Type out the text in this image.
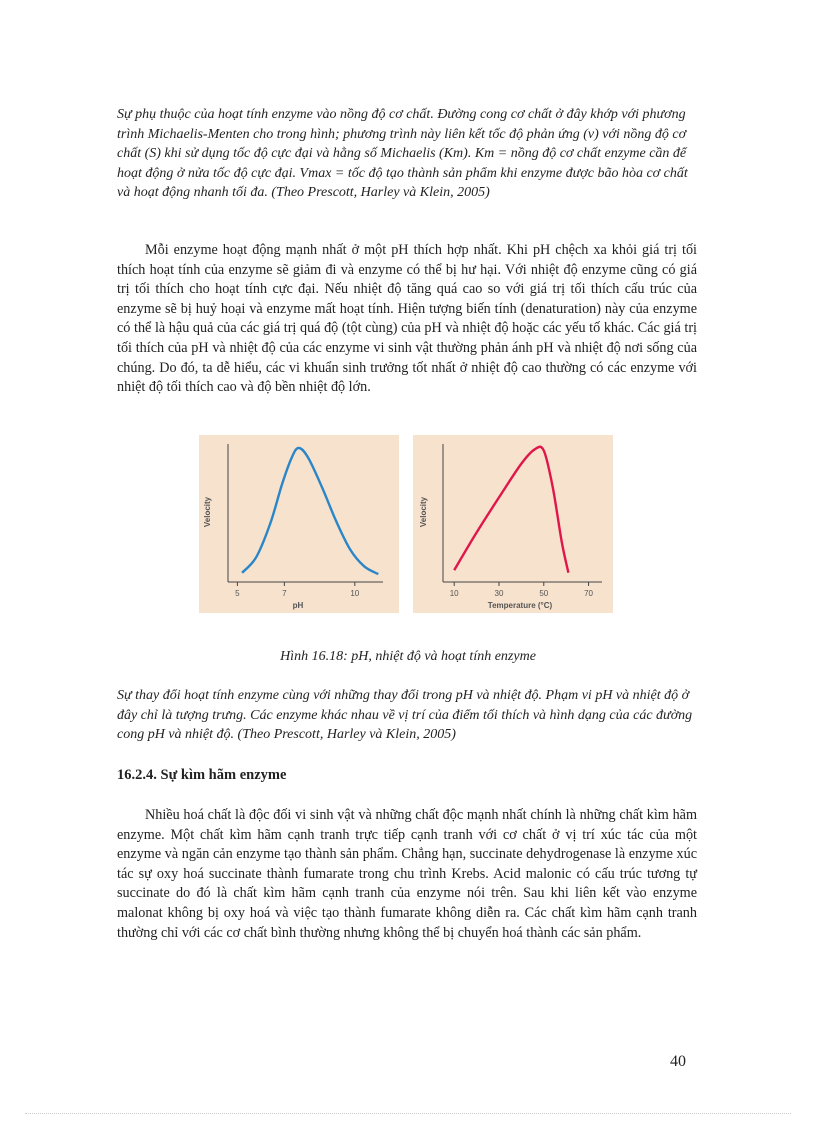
Sự phụ thuộc của hoạt tính enzyme vào nồng độ cơ chất. Đường cong cơ chất ở đây khớp với phương trình Michaelis-Menten cho trong hình; phương trình này liên kết tốc độ phản ứng (v) với nồng độ cơ chất (S) khi sử dụng tốc độ cực đại và hằng số Michaelis (Km). Km = nồng độ cơ chất enzyme cần để hoạt động ở nửa tốc độ cực đại. Vmax = tốc độ tạo thành sản phẩm khi enzyme được bão hòa cơ chất và hoạt động nhanh tối đa. (Theo Prescott, Harley và Klein, 2005)
Mỗi enzyme hoạt động mạnh nhất ở một pH thích hợp nhất. Khi pH chệch xa khỏi giá trị tối thích hoạt tính của enzyme sẽ giảm đi và enzyme có thể bị hư hại. Với nhiệt độ enzyme cũng có giá trị tối thích cho hoạt tính cực đại. Nếu nhiệt độ tăng quá cao so với giá trị tối thích cấu trúc của enzyme sẽ bị huỷ hoại và enzyme mất hoạt tính. Hiện tượng biến tính (denaturation) này của enzyme có thể là hậu quả của các giá trị quá độ (tột cùng) của pH và nhiệt độ hoặc các yếu tố khác. Các giá trị tối thích của pH và nhiệt độ của các enzyme vi sinh vật thường phản ánh pH và nhiệt độ nơi sống của chúng. Do đó, ta dễ hiểu, các vi khuẩn sinh trưởng tốt nhất ở nhiệt độ cao thường có các enzyme với nhiệt độ tối thích cao và độ bền nhiệt độ lớn.
Velocity
pH
5	7	10
Velocity
Temperature (°C)
10	30	50	70
Hình 16.18: pH, nhiệt độ và hoạt tính enzyme
Sự thay đổi hoạt tính enzyme cùng với những thay đổi trong pH và nhiệt độ. Phạm vi pH và nhiệt độ ở đây chỉ là tượng trưng. Các enzyme khác nhau về vị trí của điểm tối thích và hình dạng của các đường cong pH và nhiệt độ. (Theo Prescott, Harley và Klein, 2005)
16.2.4. Sự kìm hãm enzyme
Nhiều hoá chất là độc đối vi sinh vật và những chất độc mạnh nhất chính là những chất kìm hãm enzyme. Một chất kìm hãm cạnh tranh trực tiếp cạnh tranh với cơ chất ở vị trí xúc tác của một enzyme và ngăn cản enzyme tạo thành sản phẩm. Chẳng hạn, succinate dehydrogenase là enzyme xúc tác sự oxy hoá succinate thành fumarate trong chu trình Krebs. Acid malonic có cấu trúc tương tự succinate do đó là chất kìm hãm cạnh tranh của enzyme nói trên. Sau khi liên kết vào enzyme malonat không bị oxy hoá và việc tạo thành fumarate không diễn ra. Các chất kìm hãm cạnh tranh thường chỉ với các cơ chất bình thường nhưng không thể bị chuyển hoá thành các sản phẩm.
40
